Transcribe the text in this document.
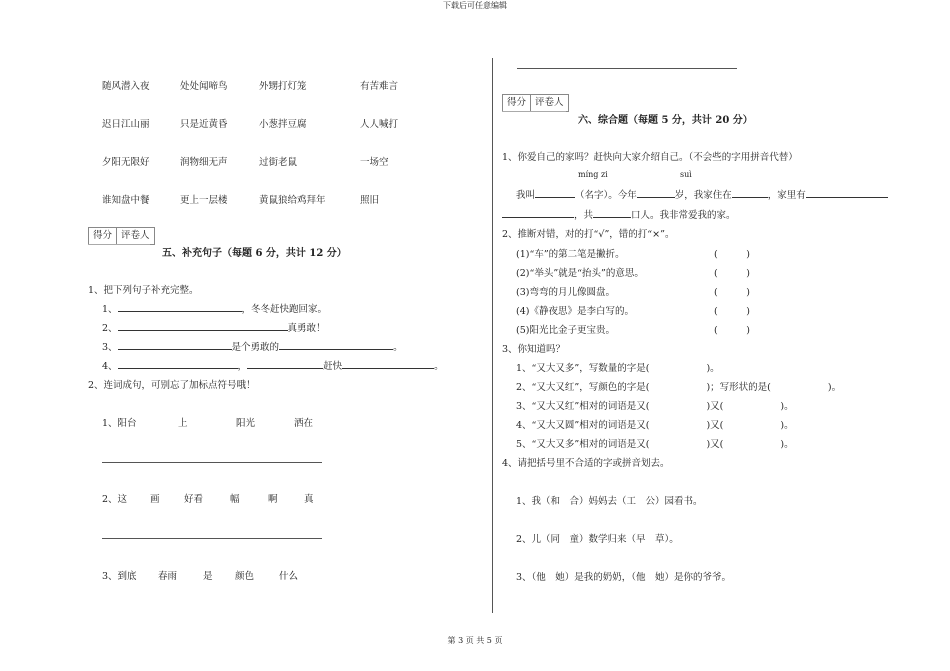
下载后可任意编辑
第 3 页 共 5 页
随风潜入夜	处处闻啼鸟	外甥打灯笼	有苦难言
迟日江山丽	只是近黄昏	小葱拌豆腐	人人喊打
夕阳无限好	润物细无声	过街老鼠	一场空
谁知盘中餐	更上一层楼	黄鼠狼给鸡拜年	照旧
得分 评卷人
五、补充句子（每题 6 分，共计 12 分）
1、把下列句子补充完整。
1、	，冬冬赶快跑回家。
2、	真勇敢！
3、	是个勇敢的	。
4、	，	赶快	。
2、连词成句，可别忘了加标点符号哦！
1、阳台	上	阳光	洒在
2、这 画	好看	幅	啊	真
3、到底 春雨	是 颜色	什么
得分 评卷人
六、综合题（每题 5 分，共计 20 分）
1、你爱自己的家吗？赶快向大家介绍自己。（不会些的字用拼音代替）
míng zi	suì
我叫	（名字）。今年	岁，我家住在	，家里有
，共	口人。我非常爱我的家。
2、推断对错，对的打“√”，错的打“×”。
(1)“车”的第二笔是撇折。	(　　　)
(2)“举头”就是“抬头”的意思。	(　　　)
(3)弯弯的月儿像圆盘。	(　　　)
(4)《静夜思》是李白写的。	(　　　)
(5)阳光比金子更宝贵。	(　　　)
3、你知道吗？
1、“又大又多”，写数量的字是(　　　　　　)。
2、“又大又红”，写颜色的字是(　　　　　　)；写形状的是(　　　　　　)。
3、“又大又红”相对的词语是又(　　　　　　)又(　　　　　　)。
4、“又大又圆”相对的词语是又(　　　　　　)又(　　　　　　)。
5、“又大又多”相对的词语是又(　　　　　　)又(　　　　　　)。
4、请把括号里不合适的字或拼音划去。
1、我（和　合）妈妈去（工　公）园看书。
2、儿（同　童）数学归来（早　草）。
3、（他　她）是我的奶奶，（他　她）是你的爷爷。
